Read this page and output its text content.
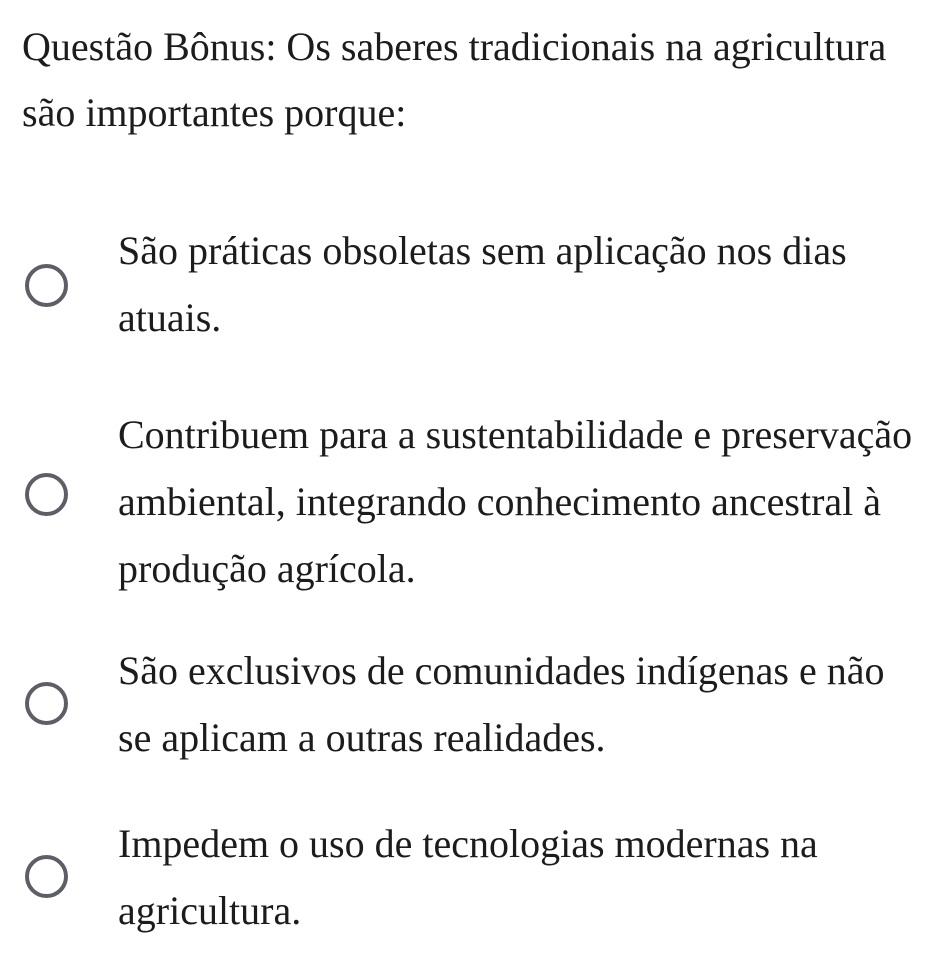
Questão Bônus: Os saberes tradicionais na agricultura são importantes porque:
São práticas obsoletas sem aplicação nos dias atuais.
Contribuem para a sustentabilidade e preservação ambiental, integrando conhecimento ancestral à produção agrícola.
São exclusivos de comunidades indígenas e não se aplicam a outras realidades.
Impedem o uso de tecnologias modernas na agricultura.
